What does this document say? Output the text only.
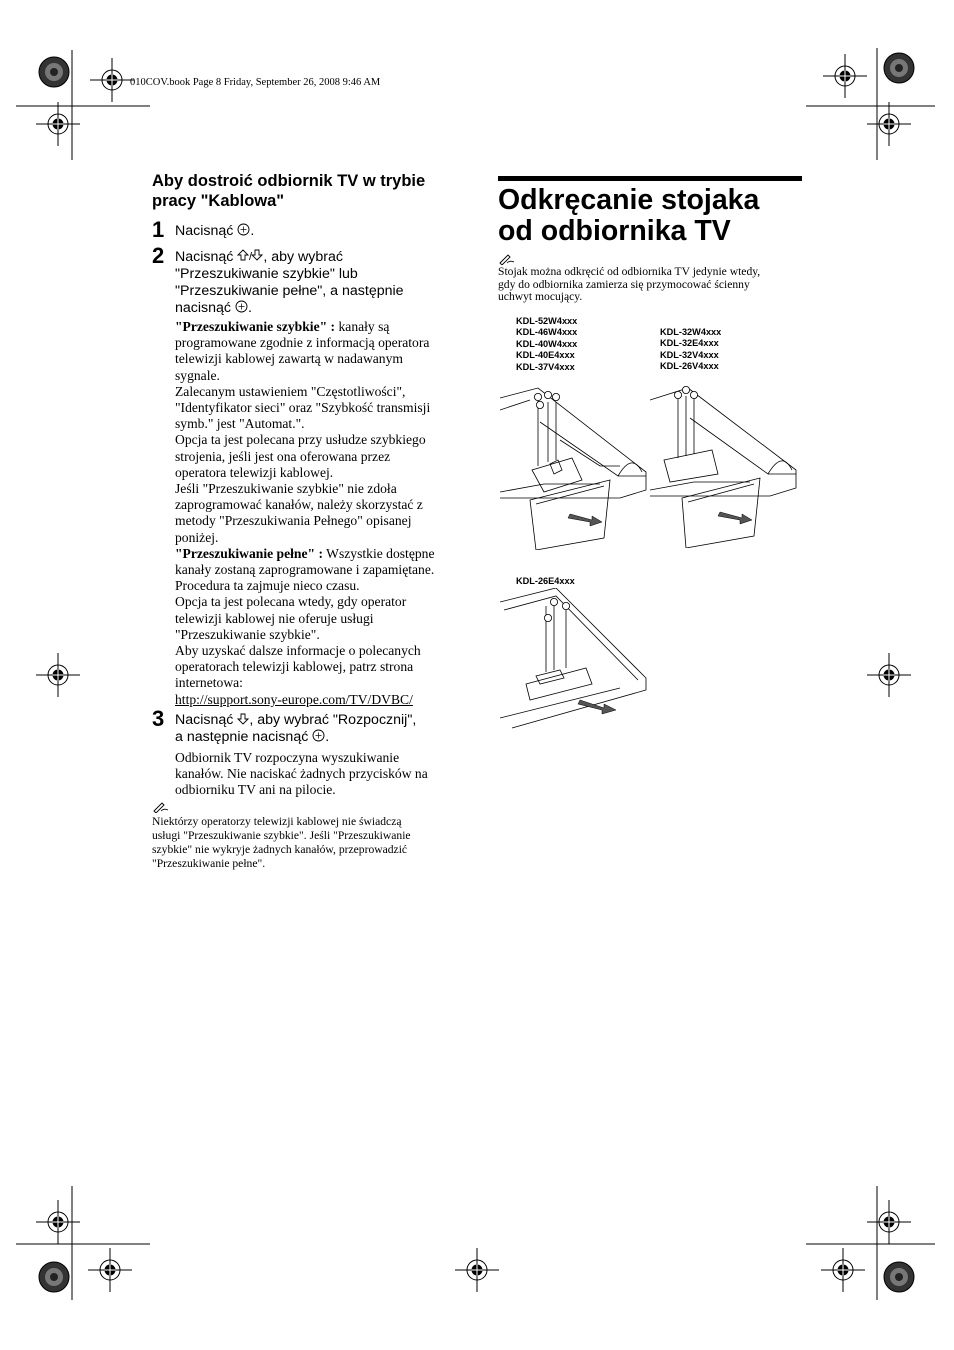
010COV.book Page 8 Friday, September 26, 2008 9:46 AM
Aby dostroić odbiornik TV w trybie pracy "Kablowa"
1 Nacisnąć .
2 Nacisnąć / , aby wybrać
"Przeszukiwanie szybkie" lub
"Przeszukiwanie pełne", a następnie
nacisnąć .
"Przeszukiwanie szybkie" : kanały są
programowane zgodnie z informacją operatora
telewizji kablowej zawartą w nadawanym
sygnale.
Zalecanym ustawieniem "Częstotliwości",
"Identyfikator sieci" oraz "Szybkość transmisji
symb." jest "Automat.".
Opcja ta jest polecana przy usłudze szybkiego
strojenia, jeśli jest ona oferowana przez
operatora telewizji kablowej.
Jeśli "Przeszukiwanie szybkie" nie zdoła
zaprogramować kanałów, należy skorzystać z
metody "Przeszukiwania Pełnego" opisanej
poniżej.
"Przeszukiwanie pełne" : Wszystkie dostępne
kanały zostaną zaprogramowane i zapamiętane.
Procedura ta zajmuje nieco czasu.
Opcja ta jest polecana wtedy, gdy operator
telewizji kablowej nie oferuje usługi
"Przeszukiwanie szybkie".
Aby uzyskać dalsze informacje o polecanych
operatorach telewizji kablowej, patrz strona
internetowa:
http://support.sony-europe.com/TV/DVBC/
3 Nacisnąć , aby wybrać "Rozpocznij",
a następnie nacisnąć .
Odbiornik TV rozpoczyna wyszukiwanie
kanałów. Nie naciskać żadnych przycisków na
odbiorniku TV ani na pilocie.
Niektórzy operatorzy telewizji kablowej nie świadczą
usługi "Przeszukiwanie szybkie". Jeśli "Przeszukiwanie
szybkie" nie wykryje żadnych kanałów, przeprowadzić
"Przeszukiwanie pełne".
Odkręcanie stojaka
od odbiornika TV
Stojak można odkręcić od odbiornika TV jedynie wtedy,
gdy do odbiornika zamierza się przymocować ścienny
uchwyt mocujący.
KDL-52W4xxx
KDL-46W4xxx
KDL-40W4xxx
KDL-40E4xxx
KDL-37V4xxx
KDL-32W4xxx
KDL-32E4xxx
KDL-32V4xxx
KDL-26V4xxx
KDL-26E4xxx
